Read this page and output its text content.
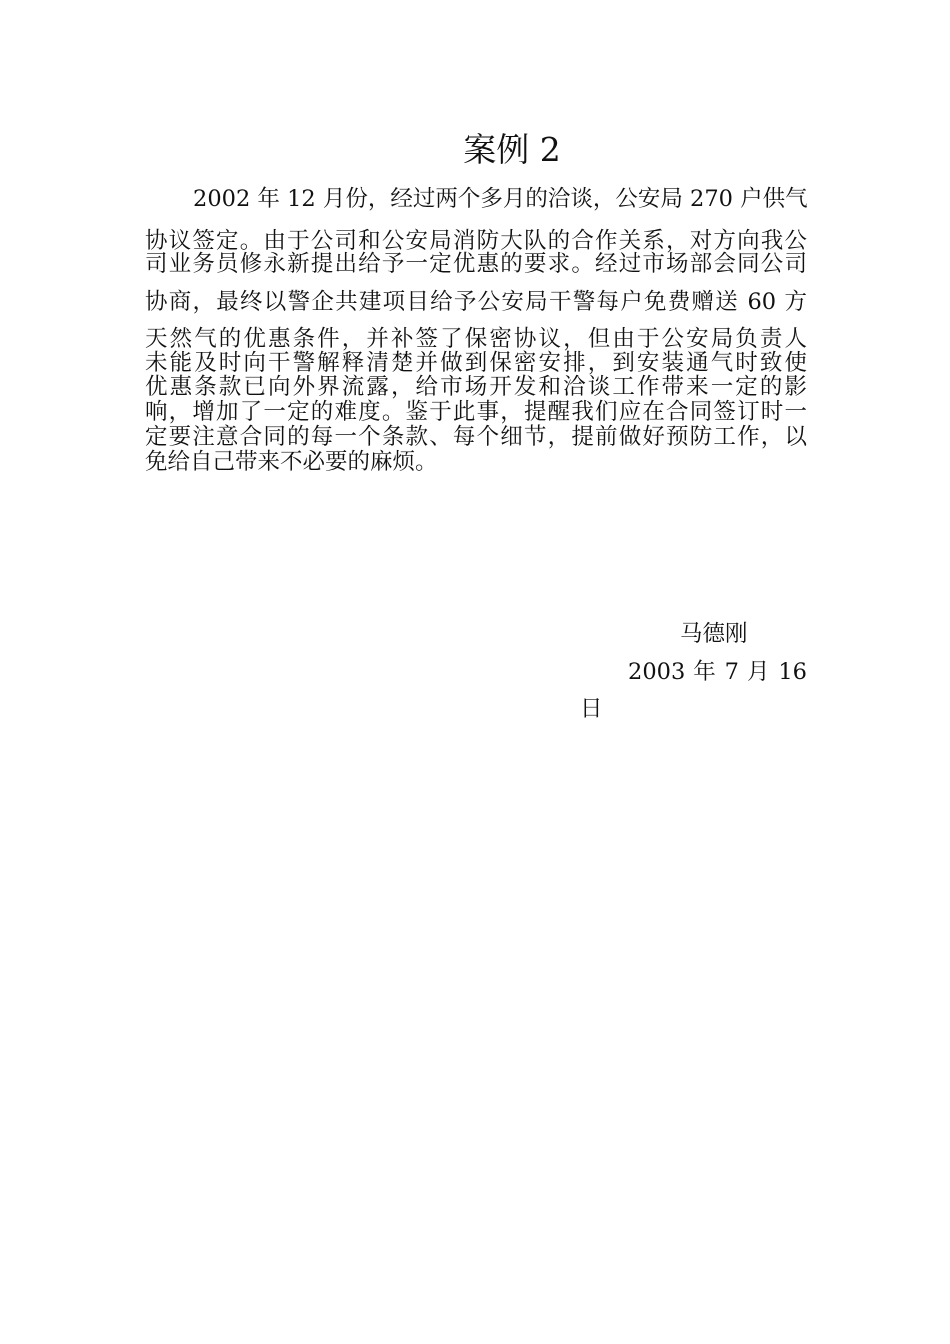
案例 2
2002 年 12 月份，经过两个多月的洽谈，公安局 270 户供气
协议签定。由于公司和公安局消防大队的合作关系，对方向我公
司业务员修永新提出给予一定优惠的要求。经过市场部会同公司
协商，最终以警企共建项目给予公安局干警每户免费赠送 60 方
天然气的优惠条件，并补签了保密协议，但由于公安局负责人
未能及时向干警解释清楚并做到保密安排，到安装通气时致使
优惠条款已向外界流露，给市场开发和洽谈工作带来一定的影
响，增加了一定的难度。鉴于此事，提醒我们应在合同签订时一
定要注意合同的每一个条款、每个细节，提前做好预防工作，以
免给自己带来不必要的麻烦。
马德刚
2003 年 7 月 16
日
